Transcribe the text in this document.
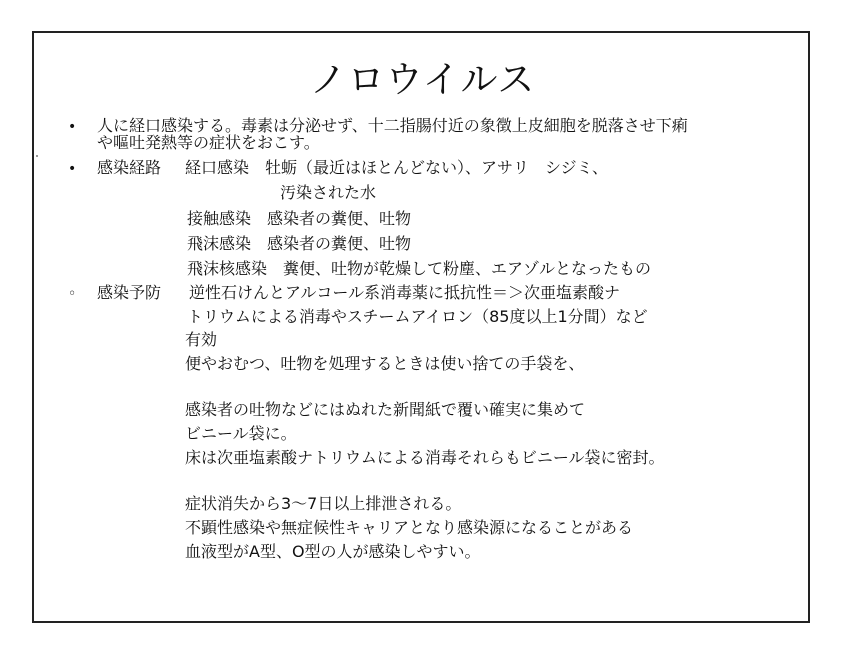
ノロウイルス
• 人に経口感染する。毒素は分泌せず、十二指腸付近の象徴上皮細胞を脱落させ下痢
や嘔吐発熱等の症状をおこす。
• 感染経路 経口感染　牡蛎（最近はほとんどない）、アサリ　シジミ、
汚染された水
接触感染　感染者の糞便、吐物
飛沫感染　感染者の糞便、吐物
飛沫核感染　糞便、吐物が乾燥して粉塵、エアゾルとなったもの
◦ 感染予防 逆性石けんとアルコール系消毒薬に抵抗性＝＞次亜塩素酸ナ
トリウムによる消毒やスチームアイロン（85度以上1分間）など
有効
便やおむつ、吐物を処理するときは使い捨ての手袋を、
感染者の吐物などにはぬれた新聞紙で覆い確実に集めて
ビニール袋に。
床は次亜塩素酸ナトリウムによる消毒それらもビニール袋に密封。
症状消失から3～7日以上排泄される。
不顕性感染や無症候性キャリアとなり感染源になることがある
血液型がA型、O型の人が感染しやすい。
